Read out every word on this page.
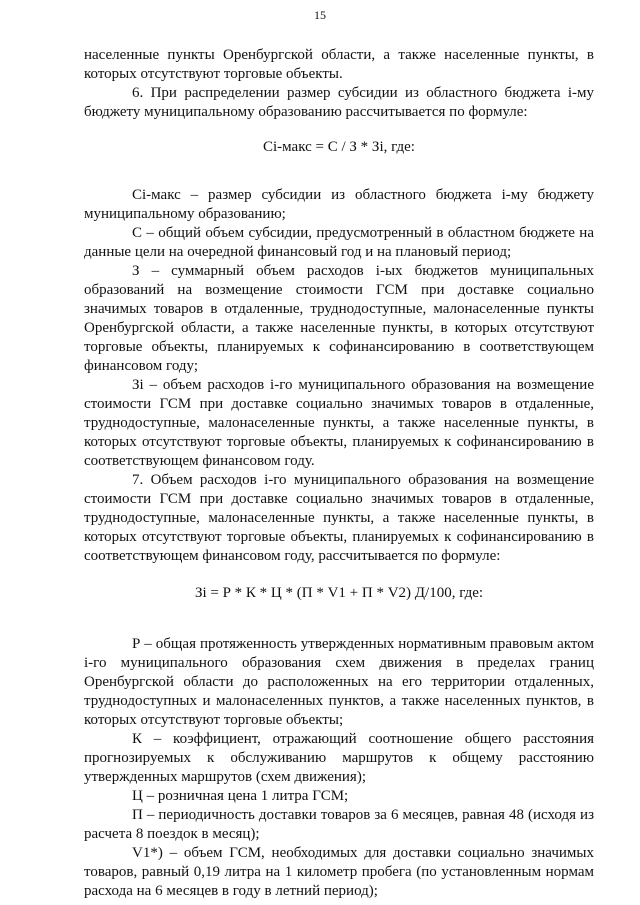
15

населенные пункты Оренбургской области, а также населенные пункты, в которых отсутствуют торговые объекты.

6. При распределении размер субсидии из областного бюджета i-му бюджету муниципальному образованию рассчитывается по формуле:

Сi-макс = С / З * Зi, где:

Сi-макс – размер субсидии из областного бюджета i-му бюджету муниципальному образованию;

С – общий объем субсидии, предусмотренный в областном бюджете на данные цели на очередной финансовый год и на плановый период;

З – суммарный объем расходов i-ых бюджетов муниципальных образований на возмещение стоимости ГСМ при доставке социально значимых товаров в отдаленные, труднодоступные, малонаселенные пункты Оренбургской области, а также населенные пункты, в которых отсутствуют торговые объекты, планируемых к софинансированию в соответствующем финансовом году;

Зi – объем расходов i-го муниципального образования на возмещение стоимости ГСМ при доставке социально значимых товаров в отдаленные, труднодоступные, малонаселенные пункты, а также населенные пункты, в которых отсутствуют торговые объекты, планируемых к софинансированию в соответствующем финансовом году.

7. Объем расходов i-го муниципального образования на возмещение стоимости ГСМ при доставке социально значимых товаров в отдаленные, труднодоступные, малонаселенные пункты, а также населенные пункты, в которых отсутствуют торговые объекты, планируемых к софинансированию в соответствующем финансовом году, рассчитывается по формуле:

Зi = Р * К * Ц * (П * V1 + П * V2) Д/100, где:

Р – общая протяженность утвержденных нормативным правовым актом i-го муниципального образования схем движения в пределах границ Оренбургской области до расположенных на его территории отдаленных, труднодоступных и малонаселенных пунктов, а также населенных пунктов, в которых отсутствуют торговые объекты;

К – коэффициент, отражающий соотношение общего расстояния прогнозируемых к обслуживанию маршрутов к общему расстоянию утвержденных маршрутов (схем движения);

Ц – розничная цена 1 литра ГСМ;

П – периодичность доставки товаров за 6 месяцев, равная 48 (исходя из расчета 8 поездок в месяц);

V1*) – объем ГСМ, необходимых для доставки социально значимых товаров, равный 0,19 литра на 1 километр пробега (по установленным нормам расхода на 6 месяцев в году в летний период);
